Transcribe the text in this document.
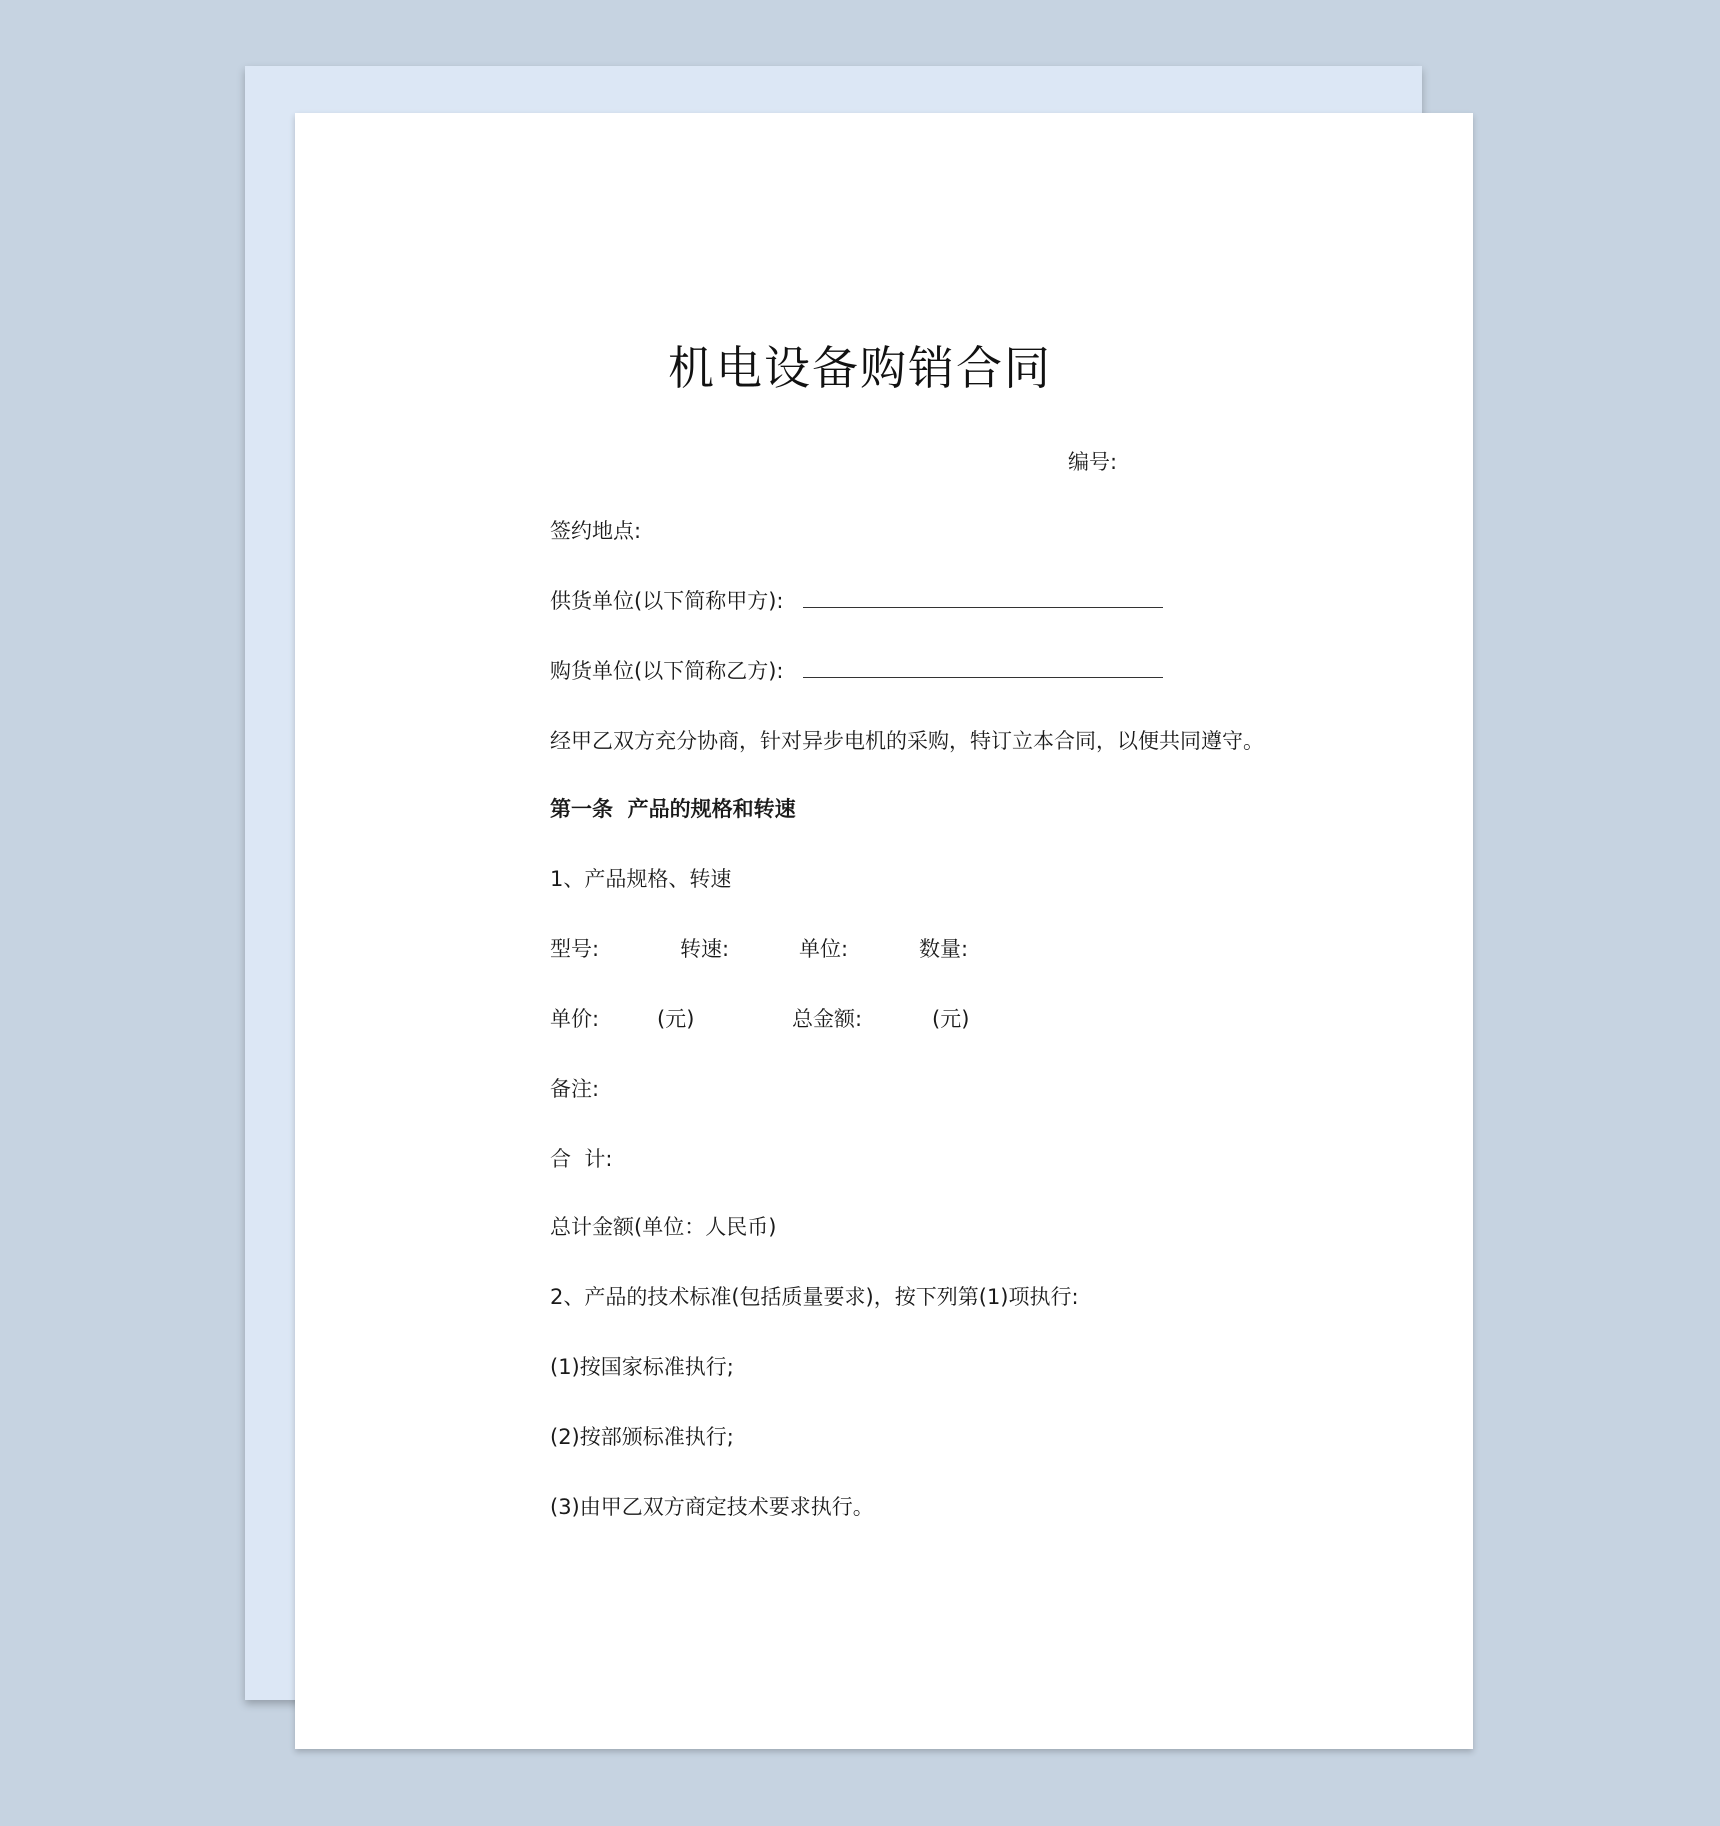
机电设备购销合同
编号:
签约地点:
供货单位(以下简称甲方):
购货单位(以下简称乙方):
经甲乙双方充分协商，针对异步电机的采购，特订立本合同，以便共同遵守。
第一条  产品的规格和转速
1、产品规格、转速
型号:	转速:	单位:	数量:
单价:	(元)	总金额:	(元)
备注:
合  计:
总计金额(单位：人民币)
2、产品的技术标准(包括质量要求)，按下列第(1)项执行:
(1)按国家标准执行;
(2)按部颁标准执行;
(3)由甲乙双方商定技术要求执行。
